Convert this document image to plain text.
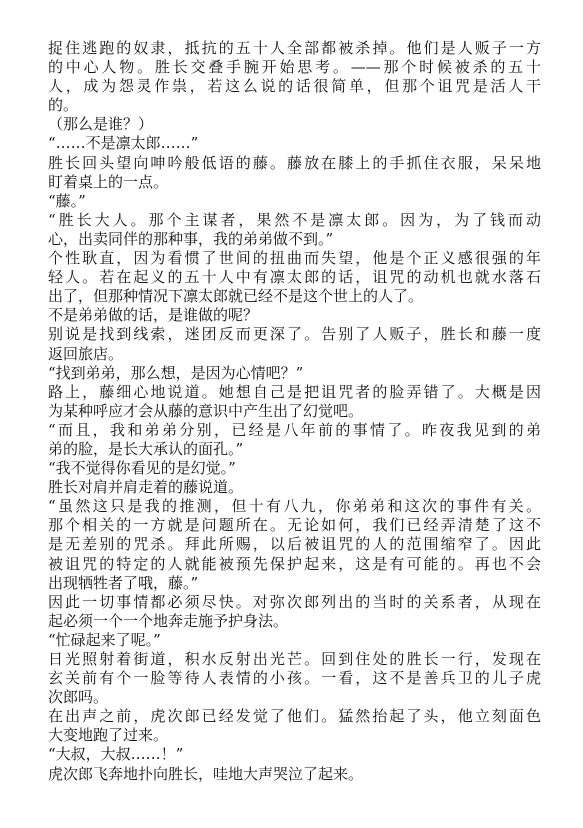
捉住逃跑的奴隶，抵抗的五十人全部都被杀掉。他们是人贩子一方
的中心人物。胜长交叠手腕开始思考。——那个时候被杀的五十
人，成为怨灵作祟，若这么说的话很简单，但那个诅咒是活人干
的。
（那么是谁？）
“……不是凛太郎……”
胜长回头望向呻吟般低语的藤。藤放在膝上的手抓住衣服，呆呆地
盯着桌上的一点。
“藤。”
“胜长大人。那个主谋者，果然不是凛太郎。因为，为了钱而动
心，出卖同伴的那种事，我的弟弟做不到。”
个性耿直，因为看惯了世间的扭曲而失望，他是个正义感很强的年
轻人。若在起义的五十人中有凛太郎的话，诅咒的动机也就水落石
出了，但那种情况下凛太郎就已经不是这个世上的人了。
不是弟弟做的话，是谁做的呢？
别说是找到线索，迷团反而更深了。告别了人贩子，胜长和藤一度
返回旅店。
“找到弟弟，那么想，是因为心情吧？”
路上，藤细心地说道。她想自己是把诅咒者的脸弄错了。大概是因
为某种呼应才会从藤的意识中产生出了幻觉吧。
“而且，我和弟弟分别，已经是八年前的事情了。昨夜我见到的弟
弟的脸，是长大承认的面孔。”
“我不觉得你看见的是幻觉。”
胜长对肩并肩走着的藤说道。
“虽然这只是我的推测，但十有八九，你弟弟和这次的事件有关。
那个相关的一方就是问题所在。无论如何，我们已经弄清楚了这不
是无差别的咒杀。拜此所赐，以后被诅咒的人的范围缩窄了。因此
被诅咒的特定的人就能被预先保护起来，这是有可能的。再也不会
出现牺牲者了哦，藤。”
因此一切事情都必须尽快。对弥次郎列出的当时的关系者，从现在
起必须一个一个地奔走施予护身法。
“忙碌起来了呢。”
日光照射着街道，积水反射出光芒。回到住处的胜长一行，发现在
玄关前有个一脸等待人表情的小孩。一看，这不是善兵卫的儿子虎
次郎吗。
在出声之前，虎次郎已经发觉了他们。猛然抬起了头，他立刻面色
大变地跑了过来。
“大叔，大叔……！”
虎次郎飞奔地扑向胜长，哇地大声哭泣了起来。
